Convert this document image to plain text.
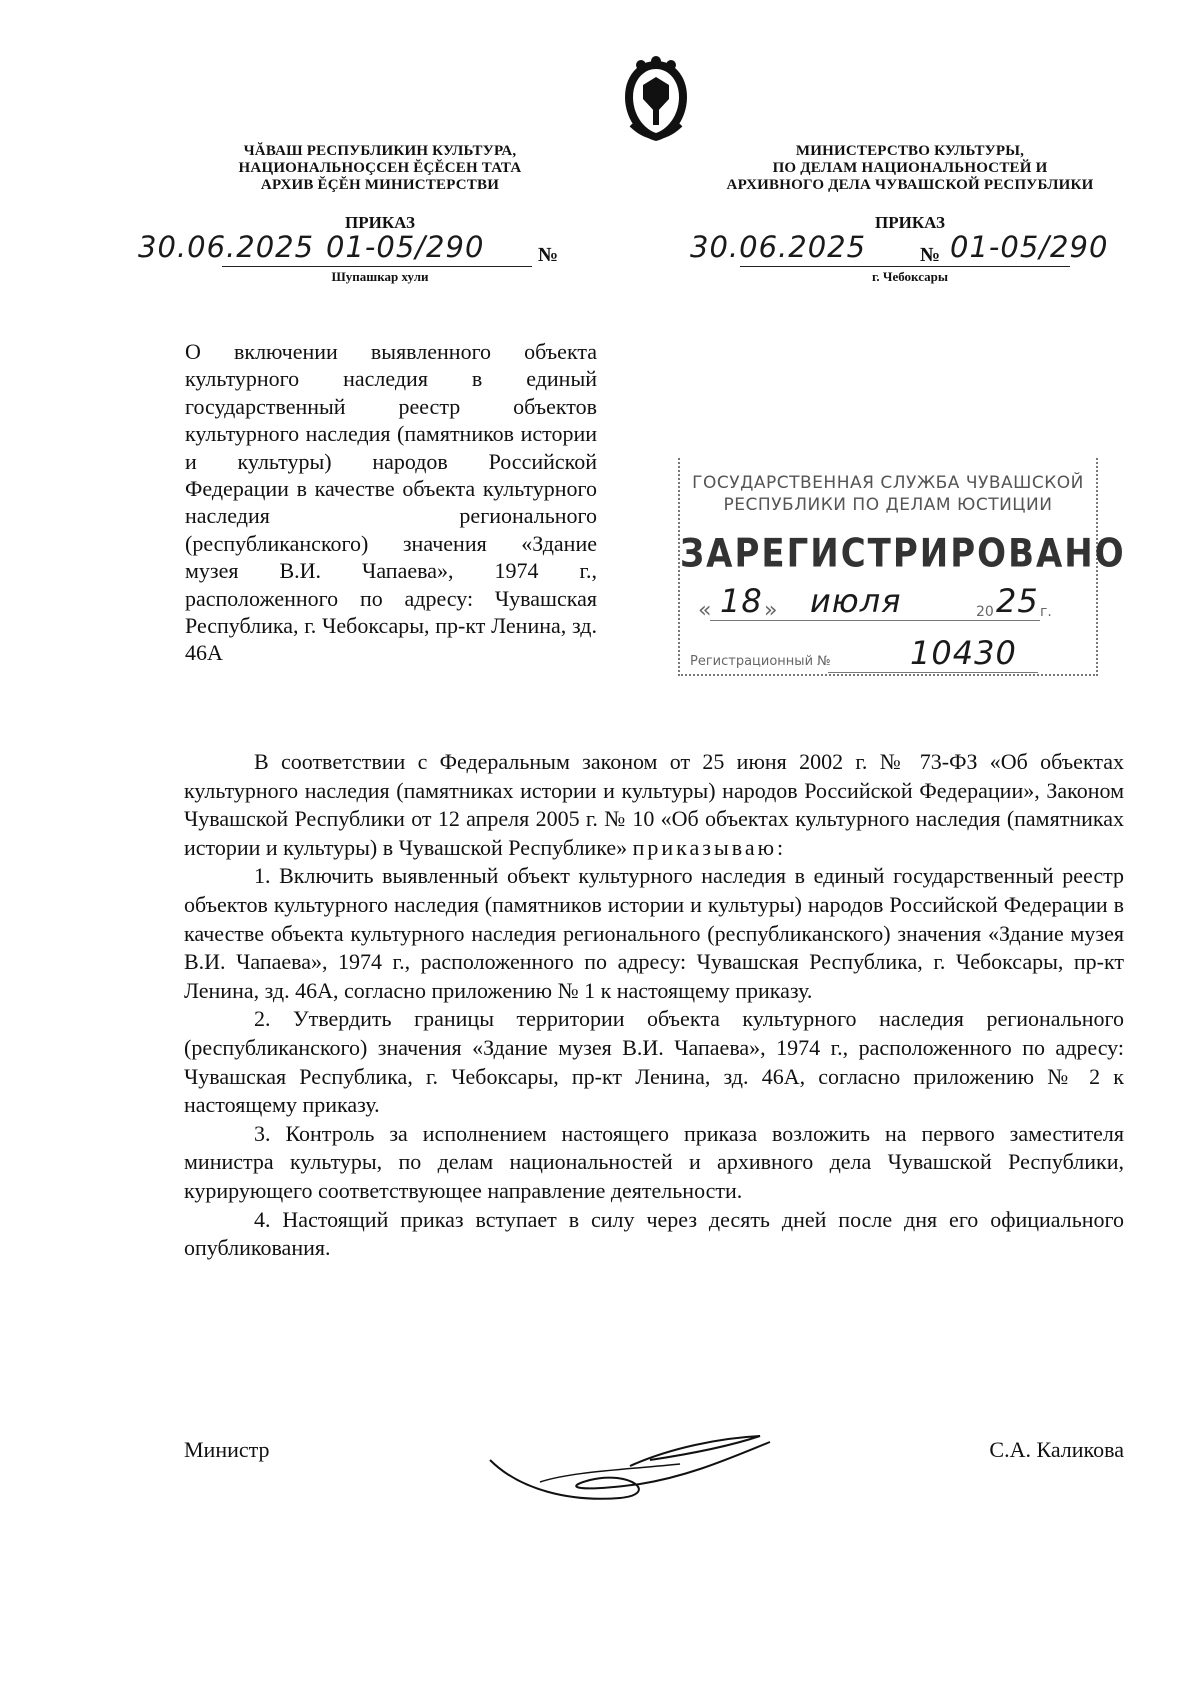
ЧĂВАШ РЕСПУБЛИКИН КУЛЬТУРА,
НАЦИОНАЛЬНОÇСЕН ĔÇĔСЕН ТАТА
АРХИВ ĔÇĔН МИНИСТЕРСТВИ
ПРИКАЗ
30.06.2025 01-05/290	№
Шупашкар хули
МИНИСТЕРСТВО КУЛЬТУРЫ,
ПО ДЕЛАМ НАЦИОНАЛЬНОСТЕЙ И
АРХИВНОГО ДЕЛА ЧУВАШСКОЙ РЕСПУБЛИКИ
ПРИКАЗ
30.06.2025	№ 01-05/290
г. Чебоксары

О включении выявленного объекта культурного наследия в единый государственный реестр объектов культурного наследия (памятников истории и культуры) народов Российской Федерации в качестве объекта культурного наследия регионального (республиканского) значения «Здание музея В.И. Чапаева», 1974 г., расположенного по адресу: Чувашская Республика, г. Чебоксары, пр-кт Ленина, зд. 46А

ГОСУДАРСТВЕННАЯ СЛУЖБА ЧУВАШСКОЙ
РЕСПУБЛИКИ ПО ДЕЛАМ ЮСТИЦИИ
ЗАРЕГИСТРИРОВАНО
« 18 » июля	20 25 г.
Регистрационный № 10430

В соответствии с Федеральным законом от 25 июня 2002 г. № 73-ФЗ «Об объектах культурного наследия (памятниках истории и культуры) народов Российской Федерации», Законом Чувашской Республики от 12 апреля 2005 г. № 10 «Об объектах культурного наследия (памятниках истории и культуры) в Чувашской Республике» приказываю:

1. Включить выявленный объект культурного наследия в единый государственный реестр объектов культурного наследия (памятников истории и культуры) народов Российской Федерации в качестве объекта культурного наследия регионального (республиканского) значения «Здание музея В.И. Чапаева», 1974 г., расположенного по адресу: Чувашская Республика, г. Чебоксары, пр-кт Ленина, зд. 46А, согласно приложению № 1 к настоящему приказу.

2. Утвердить границы территории объекта культурного наследия регионального (республиканского) значения «Здание музея В.И. Чапаева», 1974 г., расположенного по адресу: Чувашская Республика, г. Чебоксары, пр-кт Ленина, зд. 46А, согласно приложению № 2 к настоящему приказу.

3. Контроль за исполнением настоящего приказа возложить на первого заместителя министра культуры, по делам национальностей и архивного дела Чувашской Республики, курирующего соответствующее направление деятельности.

4. Настоящий приказ вступает в силу через десять дней после дня его официального опубликования.

Министр	С.А. Каликова
